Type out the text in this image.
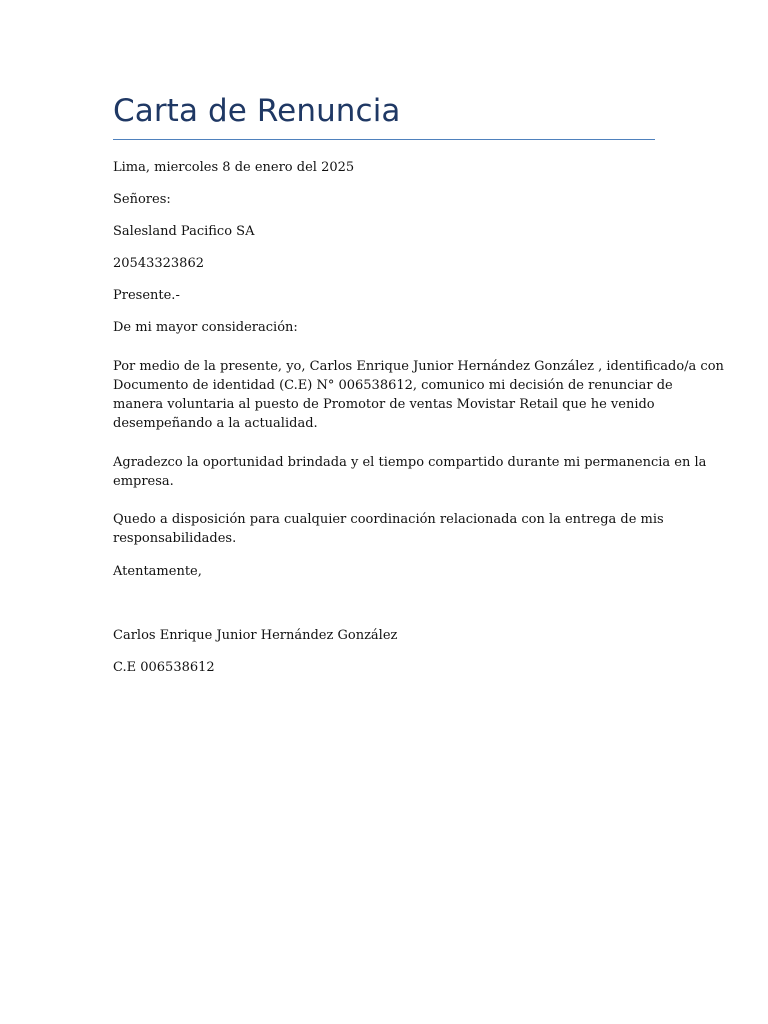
Carta de Renuncia

Lima, miercoles 8 de enero del 2025

Señores:

Salesland Pacifico SA

20543323862

Presente.-

De mi mayor consideración:

Por medio de la presente, yo, Carlos Enrique Junior Hernández González , identificado/a con

Documento de identidad (C.E) N° 006538612, comunico mi decisión de renunciar de

manera voluntaria al puesto de Promotor de ventas Movistar Retail que he venido

desempeñando a la actualidad.

Agradezco la oportunidad brindada y el tiempo compartido durante mi permanencia en la

empresa.

Quedo a disposición para cualquier coordinación relacionada con la entrega de mis

responsabilidades.

Atentamente,

Carlos Enrique Junior Hernández González

C.E 006538612
